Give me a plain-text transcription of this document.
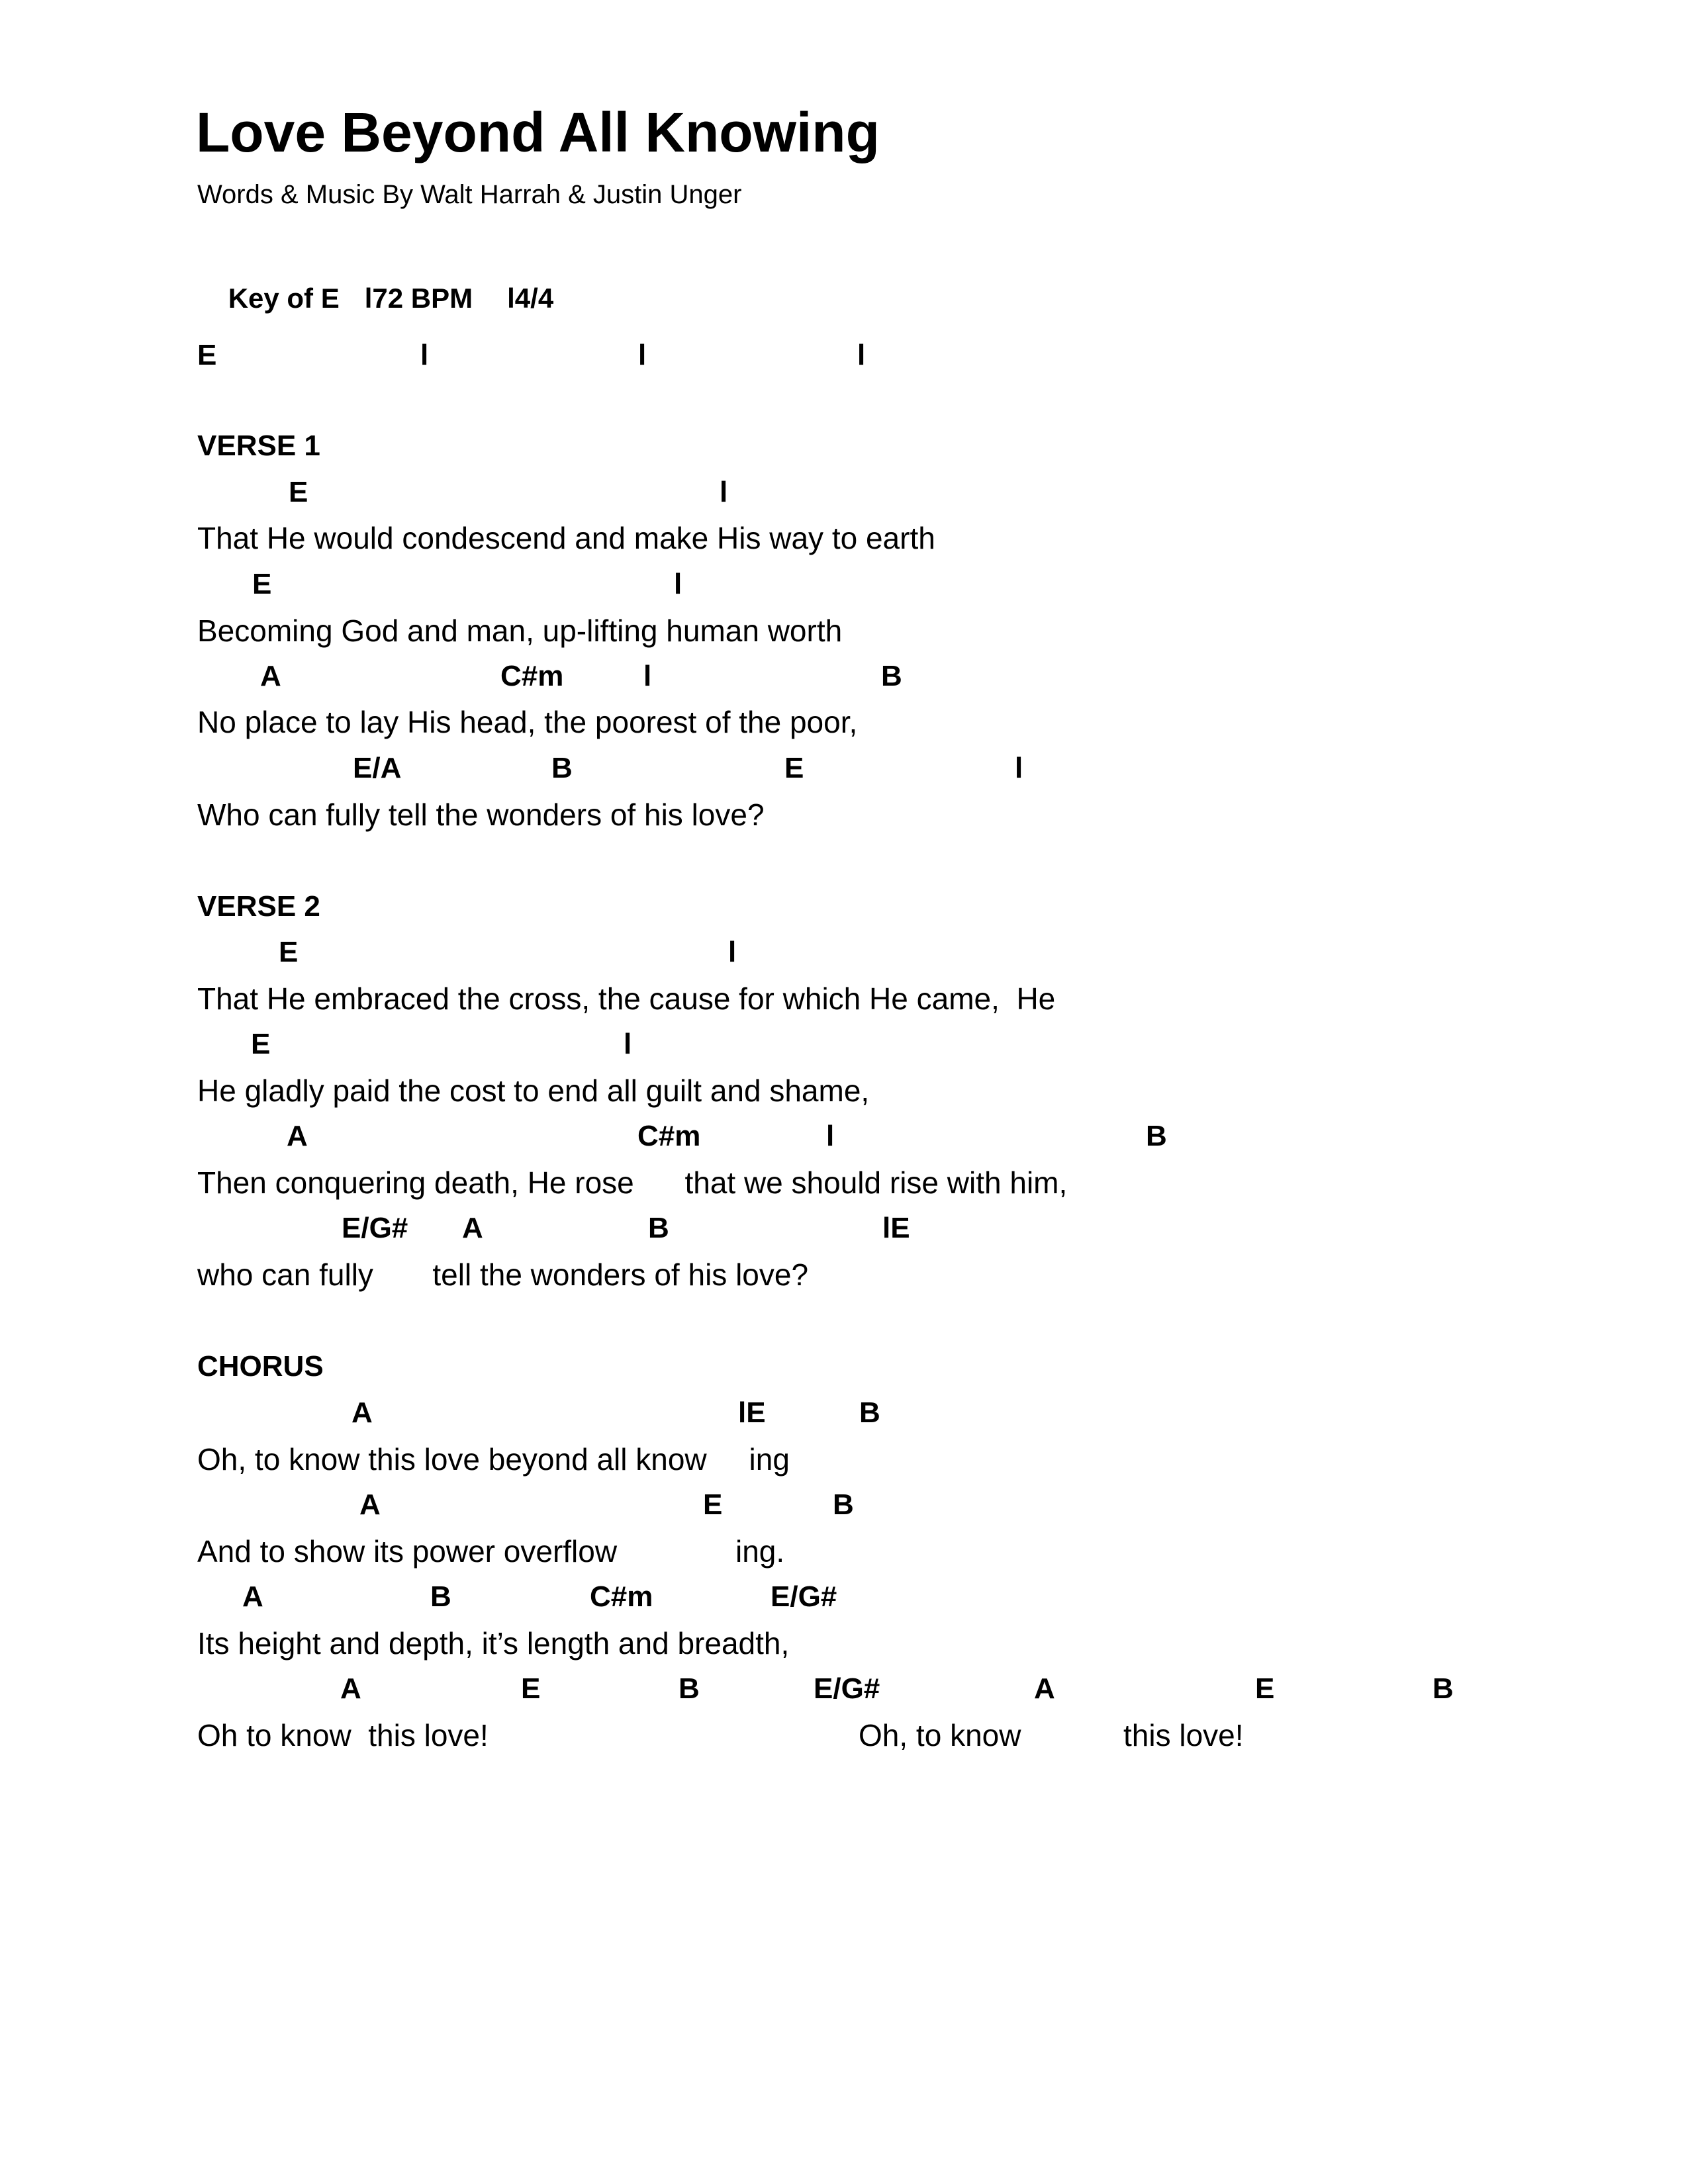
Love Beyond All Knowing
Words & Music By Walt Harrah & Justin Unger

Key of E l72 BPM l4/4

E	l	l	l
VERSE 1
E	l
That He would condescend and make His way to earth
E	l
Becoming God and man, up-lifting human worth
A	C#m	l	B
No place to lay His head, the poorest of the poor,
E/A	B	E	l
Who can fully tell the wonders of his love?
VERSE 2
E	l
That He embraced the cross, the cause for which He came,  He
E	l
He gladly paid the cost to end all guilt and shame,
A	C#m	l	B
Then conquering death, He rose      that we should rise with him,
E/G# A	B	lE
who can fully       tell the wonders of his love?
CHORUS
A	lE	B
Oh, to know this love beyond all know     ing
A	E	B
And to show its power overflow              ing.
A	B	C#m	E/G#
Its height and depth, it’s length and breadth,
A	E	B	E/G#	A	E	B
Oh to know  this love!	Oh, to know	this love!
